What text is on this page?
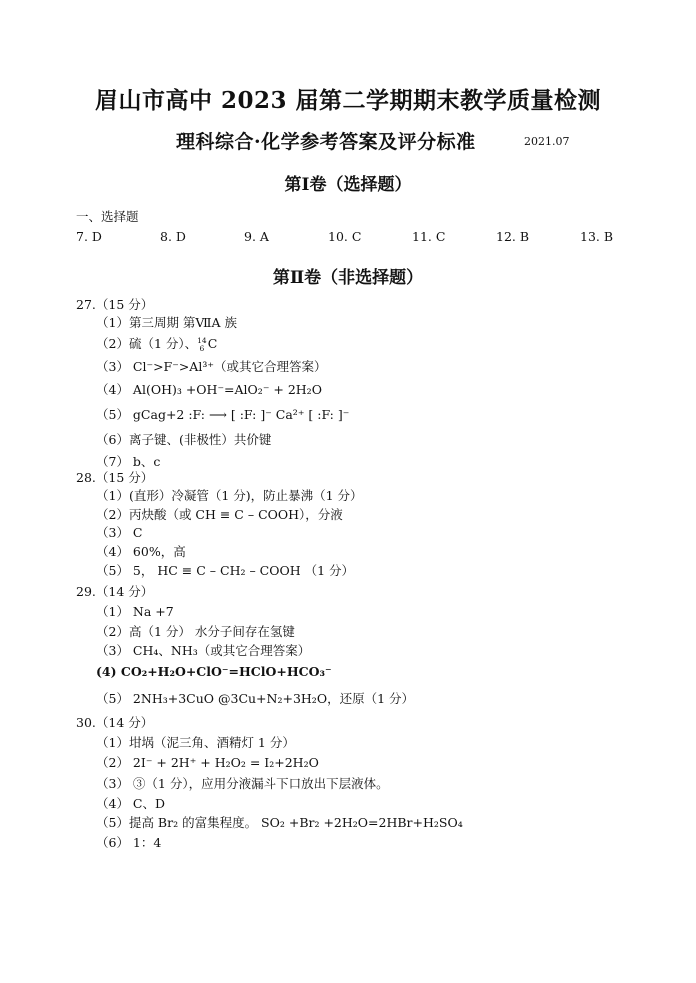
眉山市高中 2023 届第二学期期末教学质量检测
理科综合·化学参考答案及评分标准	2021.07
第Ⅰ卷（选择题）
一、选择题
7. D	8. D	9. A	10. C	11. C	12. B	13. B
第Ⅱ卷（非选择题）
27.（15 分）
（1）第三周期 第ⅦA 族
（2）硫（1 分）、 14
6 C
（3） Cl⁻>F⁻>Al³⁺（或其它合理答案）
（4） Al(OH)₃ +OH⁻=AlO₂⁻ + 2H₂O
（5） gCag+2 :F: ⟶ [ :F: ]⁻ Ca²⁺ [ :F: ]⁻
（6）离子键、(非极性）共价键
（7） b、c
28.（15 分）
（1）(直形）冷凝管（1 分)，防止暴沸（1 分）
（2）丙炔酸（或 CH ≡ C – COOH），分液
（3） C
（4） 60%，高
（5） 5， HC ≡ C – CH₂ – COOH （1 分）
29.（14 分）
（1） Na +7
（2）高（1 分） 水分子间存在氢键
（3） CH₄、NH₃（或其它合理答案）
(4) CO₂+H₂O+ClO⁻=HClO+HCO₃⁻
（5） 2NH₃+3CuO @3Cu+N₂+3H₂O，还原（1 分）
30.（14 分）
（1）坩埚（泥三角、酒精灯 1 分）
（2） 2I⁻ + 2H⁺ + H₂O₂ = I₂+2H₂O
（3） ③（1 分），应用分液漏斗下口放出下层液体。
（4） C、D
（5）提高 Br₂ 的富集程度。 SO₂ +Br₂ +2H₂O=2HBr+H₂SO₄
（6） 1：4
